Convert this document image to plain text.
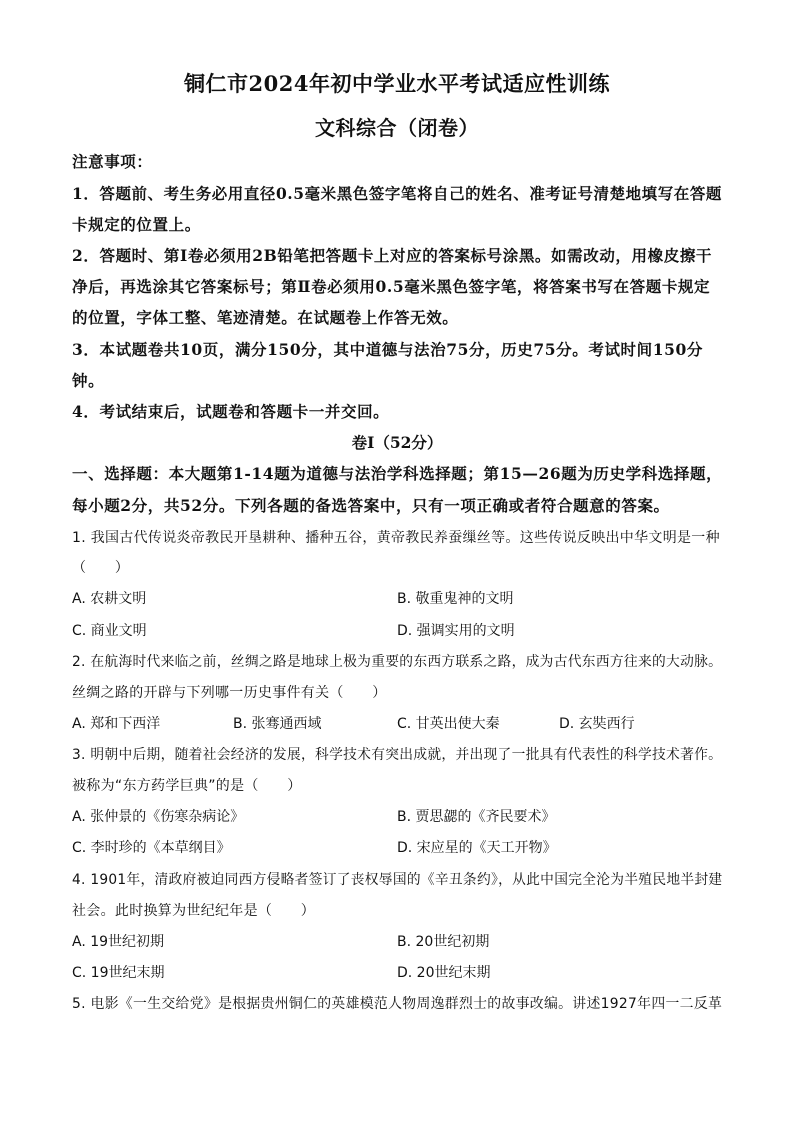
铜仁市2024年初中学业水平考试适应性训练
文科综合（闭卷）
注意事项：
1．答题前、考生务必用直径0.5毫米黑色签字笔将自己的姓名、准考证号清楚地填写在答题
卡规定的位置上。
2．答题时、第Ⅰ卷必须用2B铅笔把答题卡上对应的答案标号涂黑。如需改动，用橡皮擦干
净后，再选涂其它答案标号；第Ⅱ卷必须用0.5毫米黑色签字笔，将答案书写在答题卡规定
的位置，字体工整、笔迹清楚。在试题卷上作答无效。
3．本试题卷共10页，满分150分，其中道德与法治75分，历史75分。考试时间150分
钟。
4．考试结束后，试题卷和答题卡一并交回。
卷Ⅰ（52分）
一、选择题：本大题第1-14题为道德与法治学科选择题；第15—26题为历史学科选择题，
每小题2分，共52分。下列各题的备选答案中，只有一项正确或者符合题意的答案。
1. 我国古代传说炎帝教民开垦耕种、播种五谷，黄帝教民养蚕缫丝等。这些传说反映出中华文明是一种
（　　）
A. 农耕文明	B. 敬重鬼神的文明
C. 商业文明	D. 强调实用的文明
2. 在航海时代来临之前，丝绸之路是地球上极为重要的东西方联系之路，成为古代东西方往来的大动脉。
丝绸之路的开辟与下列哪一历史事件有关（　　）
A. 郑和下西洋	B. 张骞通西域	C. 甘英出使大秦	D. 玄奘西行
3. 明朝中后期，随着社会经济的发展，科学技术有突出成就，并出现了一批具有代表性的科学技术著作。
被称为“东方药学巨典”的是（　　）
A. 张仲景的《伤寒杂病论》	B. 贾思勰的《齐民要术》
C. 李时珍的《本草纲目》	D. 宋应星的《天工开物》
4. 1901年，清政府被迫同西方侵略者签订了丧权辱国的《辛丑条约》，从此中国完全沦为半殖民地半封建
社会。此时换算为世纪纪年是（　　）
A. 19世纪初期	B. 20世纪初期
C. 19世纪末期	D. 20世纪末期
5. 电影《一生交给党》是根据贵州铜仁的英雄模范人物周逸群烈士的故事改编。讲述1927年四一二反革
